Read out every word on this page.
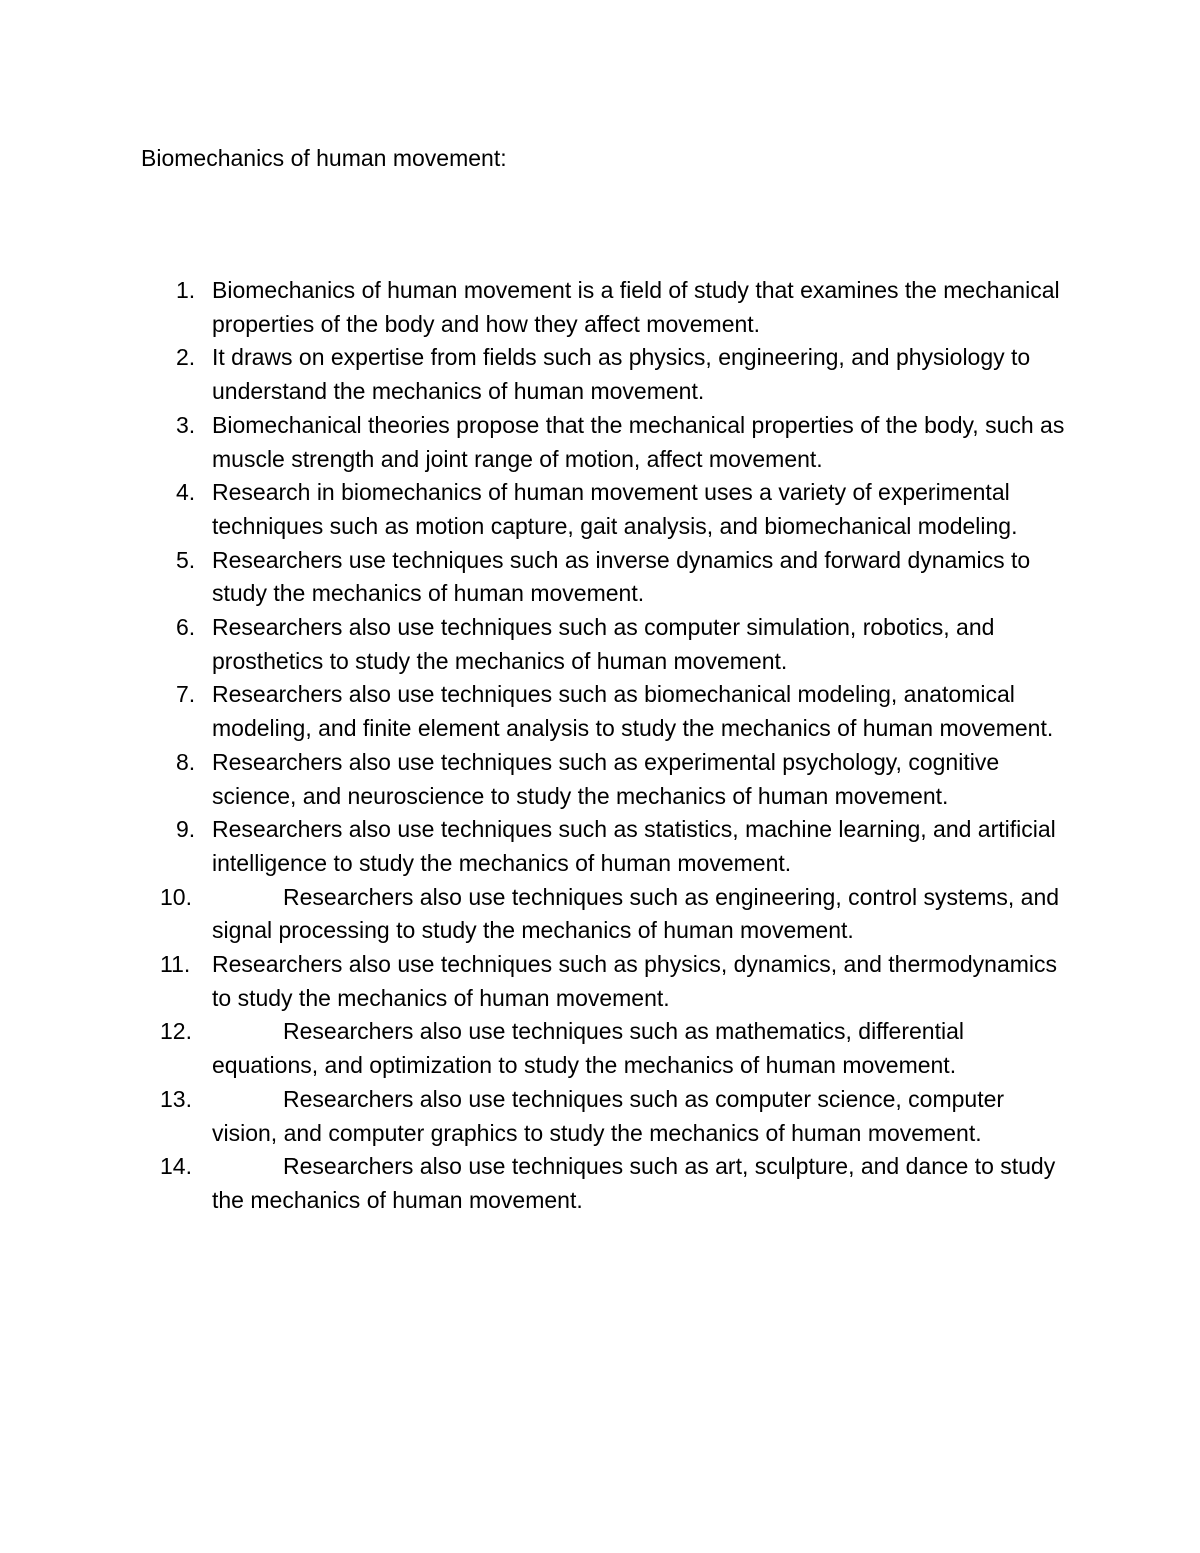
Biomechanics of human movement:
1. Biomechanics of human movement is a field of study that examines the mechanical properties of the body and how they affect movement.
2. It draws on expertise from fields such as physics, engineering, and physiology to understand the mechanics of human movement.
3. Biomechanical theories propose that the mechanical properties of the body, such as muscle strength and joint range of motion, affect movement.
4. Research in biomechanics of human movement uses a variety of experimental techniques such as motion capture, gait analysis, and biomechanical modeling.
5. Researchers use techniques such as inverse dynamics and forward dynamics to study the mechanics of human movement.
6. Researchers also use techniques such as computer simulation, robotics, and prosthetics to study the mechanics of human movement.
7. Researchers also use techniques such as biomechanical modeling, anatomical modeling, and finite element analysis to study the mechanics of human movement.
8. Researchers also use techniques such as experimental psychology, cognitive science, and neuroscience to study the mechanics of human movement.
9. Researchers also use techniques such as statistics, machine learning, and artificial intelligence to study the mechanics of human movement.
10.	Researchers also use techniques such as engineering, control systems, and signal processing to study the mechanics of human movement.
11. Researchers also use techniques such as physics, dynamics, and thermodynamics to study the mechanics of human movement.
12.	Researchers also use techniques such as mathematics, differential equations, and optimization to study the mechanics of human movement.
13.	Researchers also use techniques such as computer science, computer vision, and computer graphics to study the mechanics of human movement.
14.	Researchers also use techniques such as art, sculpture, and dance to study the mechanics of human movement.
